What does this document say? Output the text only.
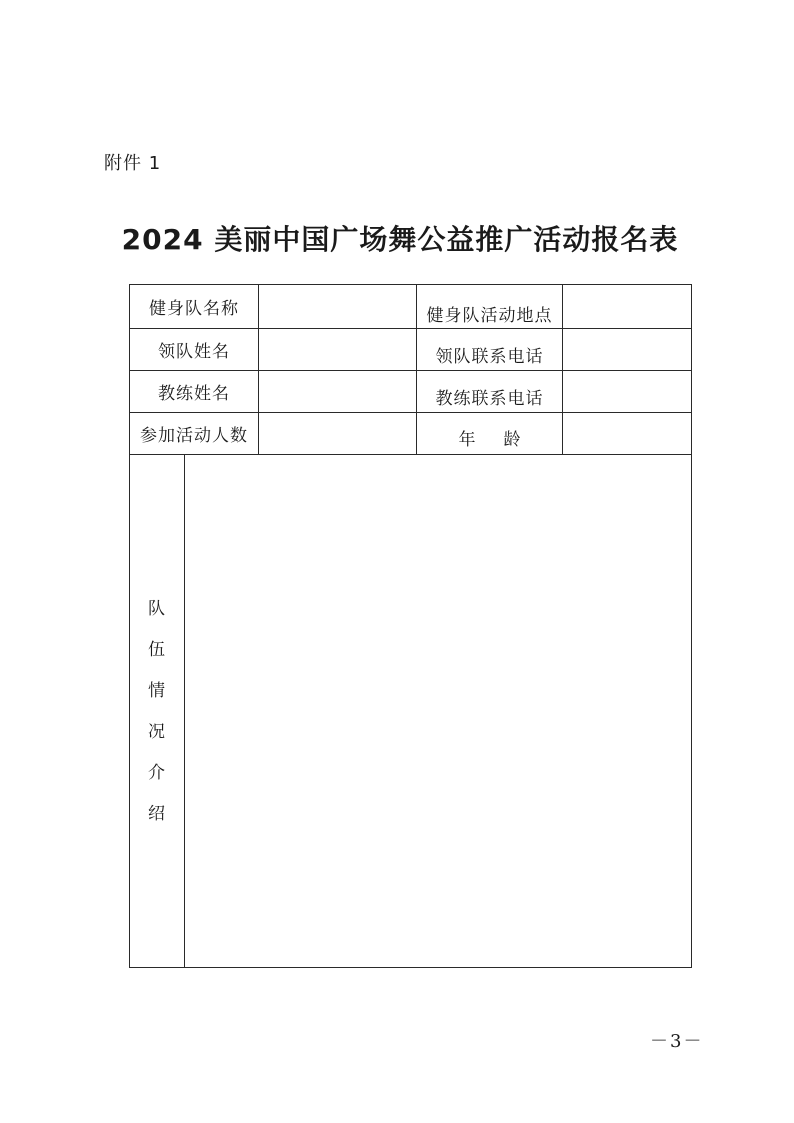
附件 1
2024 美丽中国广场舞公益推广活动报名表
健身队名称	健身队活动地点
领队姓名	领队联系电话
教练姓名	教练联系电话
参加活动人数	年龄
队
伍
情
况
介
绍
－3－
